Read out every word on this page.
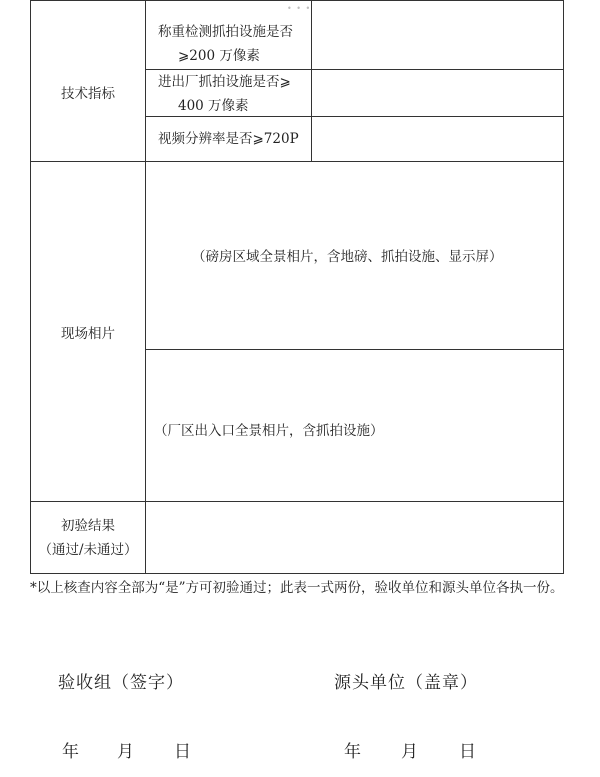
• • •
技术指标
称重检测抓拍设施是否
⩾200 万像素
进出厂抓拍设施是否⩾
400 万像素
视频分辨率是否⩾720P
现场相片
（磅房区域全景相片，含地磅、抓拍设施、显示屏）
（厂区出入口全景相片，含抓拍设施）
初验结果
（通过/未通过）
*以上核查内容全部为“是”方可初验通过；此表一式两份，验收单位和源头单位各执一份。
验收组（签字）	源头单位（盖章）
年 月 日	年 月 日
